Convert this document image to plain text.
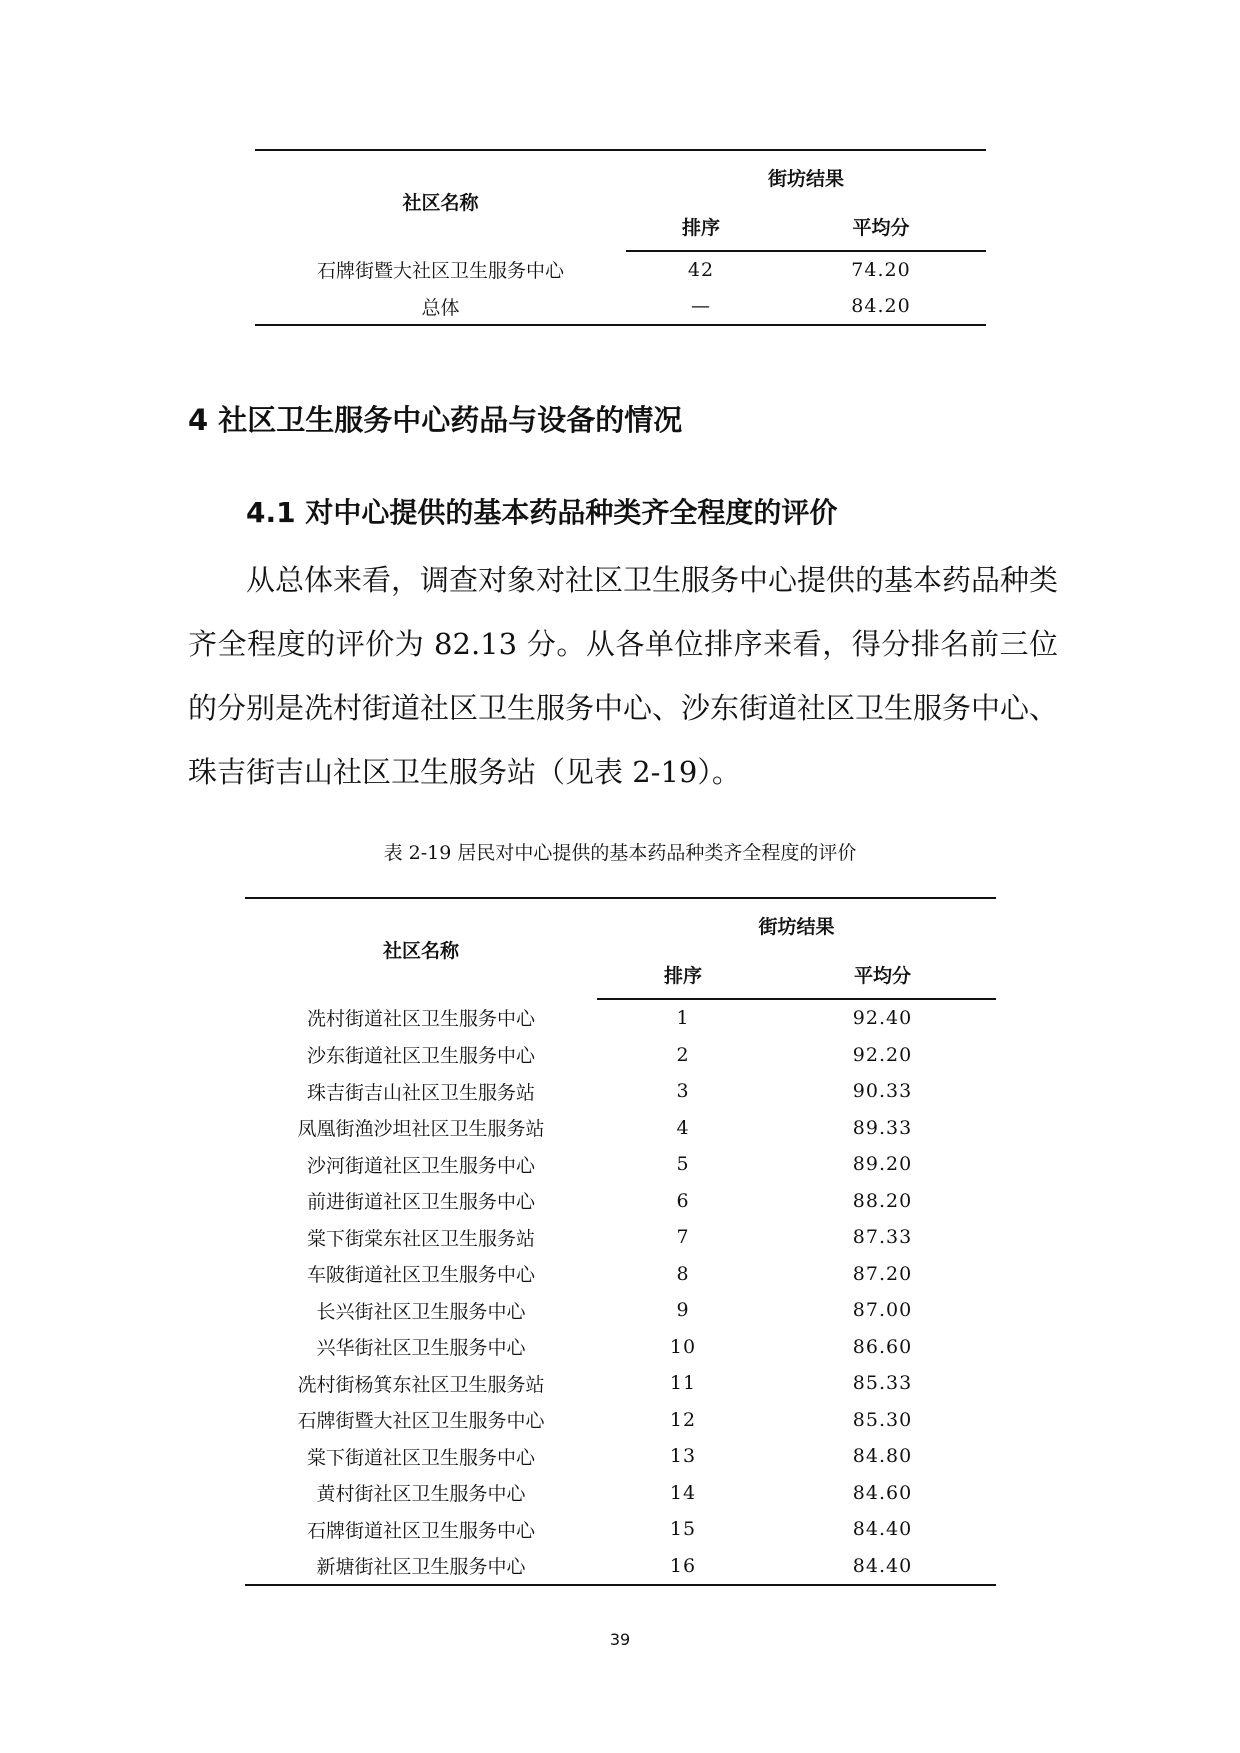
社区名称	街坊结果	
	排序	平均分
石牌街暨大社区卫生服务中心	42	74.20
总体	—	84.20
4 社区卫生服务中心药品与设备的情况
4.1 对中心提供的基本药品种类齐全程度的评价

从总体来看，调查对象对社区卫生服务中心提供的基本药品种类齐全程度的评价为 82.13 分。从各单位排序来看，得分排名前三位的分别是冼村街道社区卫生服务中心、沙东街道社区卫生服务中心、珠吉街吉山社区卫生服务站（见表 2-19）。

表 2-19 居民对中心提供的基本药品种类齐全程度的评价

社区名称	街坊结果	
	排序	平均分
冼村街道社区卫生服务中心	1	92.40
沙东街道社区卫生服务中心	2	92.20
珠吉街吉山社区卫生服务站	3	90.33
凤凰街渔沙坦社区卫生服务站	4	89.33
沙河街道社区卫生服务中心	5	89.20
前进街道社区卫生服务中心	6	88.20
棠下街棠东社区卫生服务站	7	87.33
车陂街道社区卫生服务中心	8	87.20
长兴街社区卫生服务中心	9	87.00
兴华街社区卫生服务中心	10	86.60
冼村街杨箕东社区卫生服务站	11	85.33
石牌街暨大社区卫生服务中心	12	85.30
棠下街道社区卫生服务中心	13	84.80
黄村街社区卫生服务中心	14	84.60
石牌街道社区卫生服务中心	15	84.40
新塘街社区卫生服务中心	16	84.40
39
